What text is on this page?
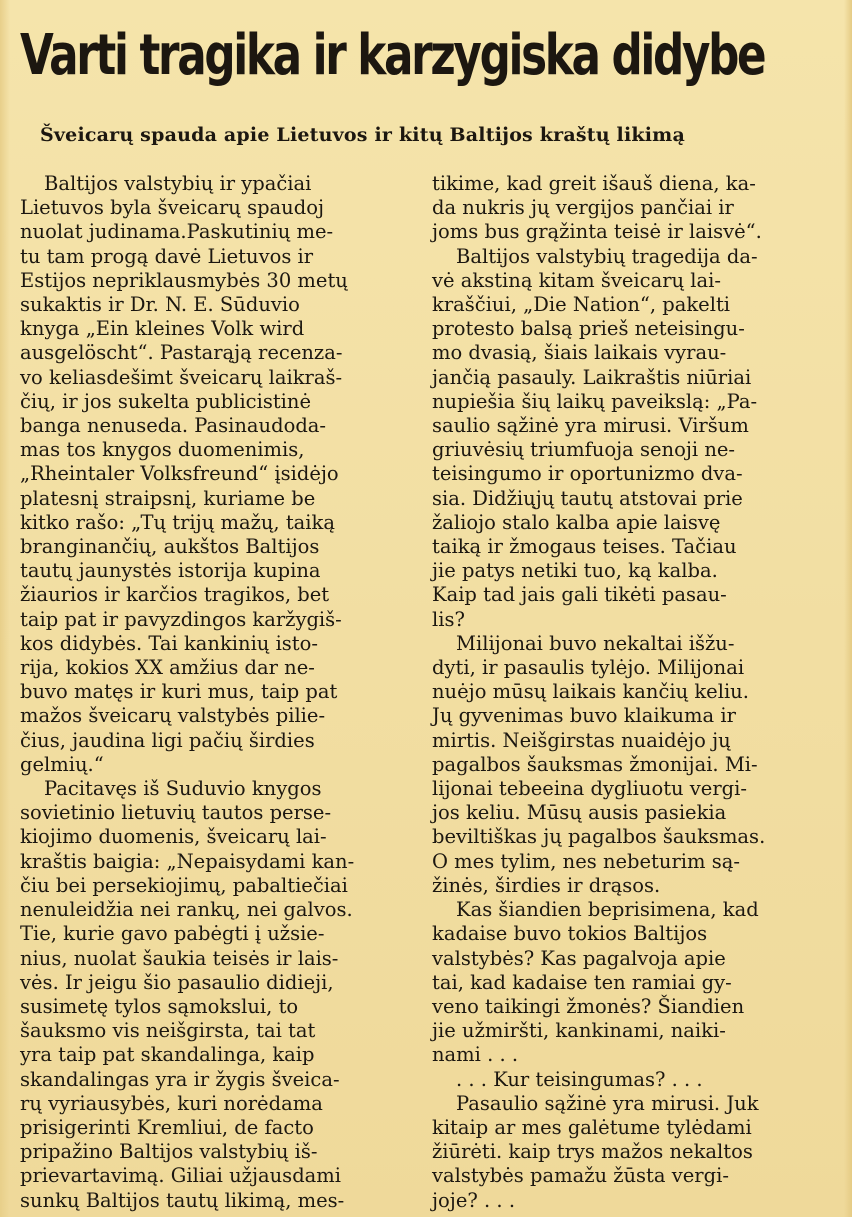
Varti tragika ir karzygiska didybe
Šveicarų spauda apie Lietuvos ir kitų Baltijos kraštų likimą

Baltijos valstybių ir ypačiai
Lietuvos byla šveicarų spaudoj
nuolat judinama.Paskutinių me-
tu tam progą davė Lietuvos ir
Estijos nepriklausmybės 30 metų
sukaktis ir Dr. N. E. Sūduvio
knyga „Ein kleines Volk wird
ausgelöscht“. Pastarąją recenza-
vo keliasdešimt šveicarų laikraš-
čių, ir jos sukelta publicistinė
banga nenuseda. Pasinaudoda-
mas tos knygos duomenimis,
„Rheintaler Volksfreund“ įsidėjo
platesnį straipsnį, kuriame be
kitko rašo: „Tų trijų mažų, taiką
branginančių, aukštos Baltijos
tautų jaunystės istorija kupina
žiaurios ir karčios tragikos, bet
taip pat ir pavyzdingos karžygiš-
kos didybės. Tai kankinių isto-
rija, kokios XX amžius dar ne-
buvo matęs ir kuri mus, taip pat
mažos šveicarų valstybės pilie-
čius, jaudina ligi pačių širdies
gelmių.“

Pacitavęs iš Suduvio knygos
sovietinio lietuvių tautos perse-
kiojimo duomenis, šveicarų lai-
kraštis baigia: „Nepaisydami kan-
čiu bei persekiojimų, pabaltiečiai
nenuleidžia nei rankų, nei galvos.
Tie, kurie gavo pabėgti į užsie-
nius, nuolat šaukia teisės ir lais-
vės. Ir jeigu šio pasaulio didieji,
susimetę tylos sąmokslui, to
šauksmo vis neišgirsta, tai tat
yra taip pat skandalinga, kaip
skandalingas yra ir žygis šveica-
rų vyriausybės, kuri norėdama
prisigerinti Kremliui, de facto
pripažino Baltijos valstybių iš-
prievartavimą. Giliai užjausdami
sunkų Baltijos tautų likimą, mes-

tikime, kad greit išauš diena, ka-
da nukris jų vergijos pančiai ir
joms bus grąžinta teisė ir laisvė“.

Baltijos valstybių tragedija da-
vė akstiną kitam šveicarų lai-
kraščiui, „Die Nation“, pakelti
protesto balsą prieš neteisingu-
mo dvasią, šiais laikais vyrau-
jančią pasauly. Laikraštis niūriai
nupiešia šių laikų paveikslą: „Pa-
saulio sąžinė yra mirusi. Viršum
griuvėsių triumfuoja senoji ne-
teisingumo ir oportunizmo dva-
sia. Didžiųjų tautų atstovai prie
žaliojo stalo kalba apie laisvę
taiką ir žmogaus teises. Tačiau
jie patys netiki tuo, ką kalba.
Kaip tad jais gali tikėti pasau-
lis?

Milijonai buvo nekaltai išžu-
dyti, ir pasaulis tylėjo. Milijonai
nuėjo mūsų laikais kančių keliu.
Jų gyvenimas buvo klaikuma ir
mirtis. Neišgirstas nuaidėjo jų
pagalbos šauksmas žmonijai. Mi-
lijonai tebeeina dygliuotu vergi-
jos keliu. Mūsų ausis pasiekia
beviltiškas jų pagalbos šauksmas.
O mes tylim, nes nebeturim są-
žinės, širdies ir drąsos.

Kas šiandien beprisimena, kad
kadaise buvo tokios Baltijos
valstybės? Kas pagalvoja apie
tai, kad kadaise ten ramiai gy-
veno taikingi žmonės? Šiandien
jie užmiršti, kankinami, naiki-
nami . . .

. . . Kur teisingumas? . . .

Pasaulio sąžinė yra mirusi. Juk
kitaip ar mes galėtume tylėdami
žiūrėti. kaip trys mažos nekaltos
valstybės pamažu žūsta vergi-
joje? . . .
